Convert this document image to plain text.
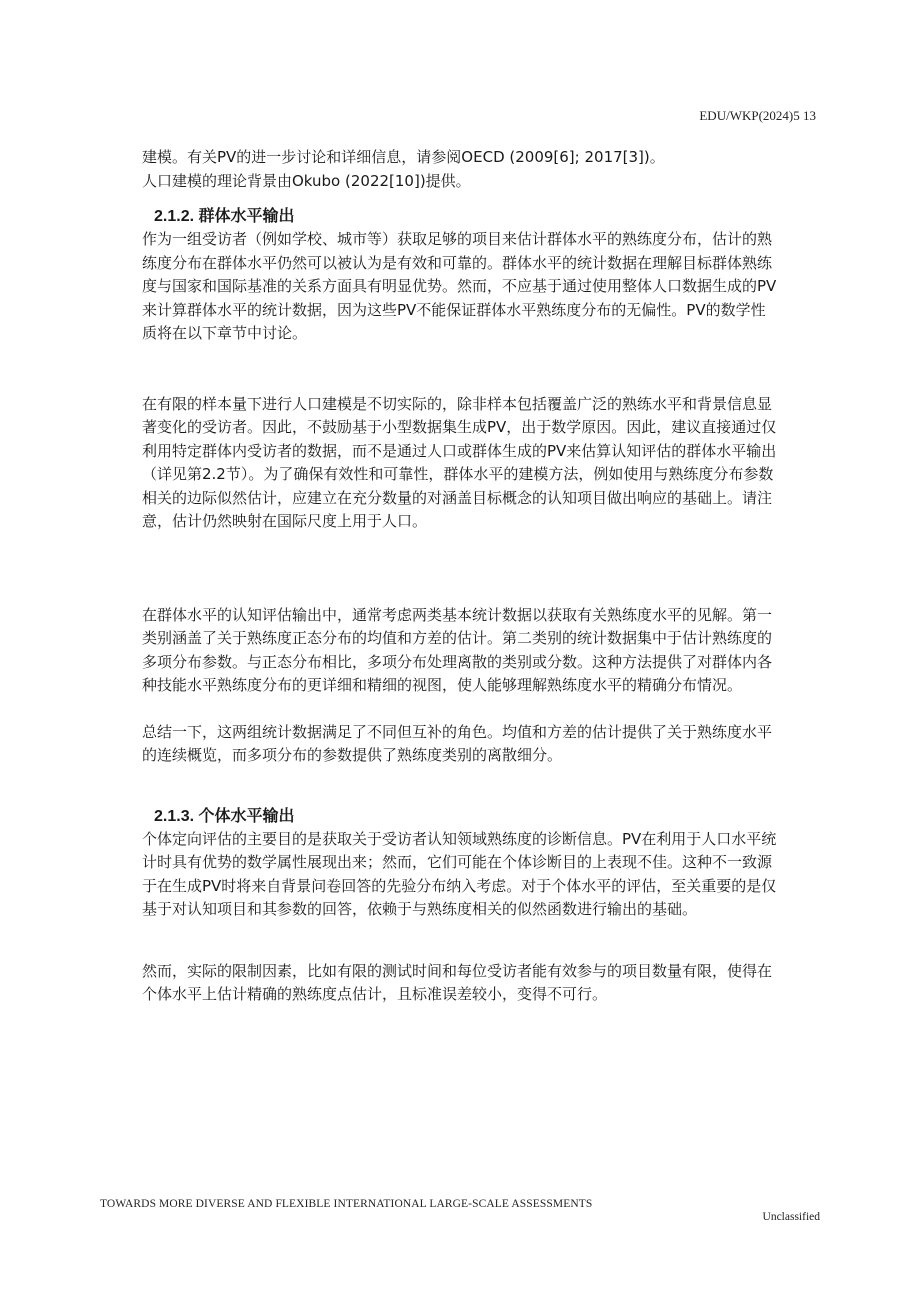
EDU/WKP(2024)5 13

建模。有关PV的进一步讨论和详细信息，请参阅OECD (2009[6]; 2017[3])。

人口建模的理论背景由Okubo (2022[10])提供。

2.1.2. 群体水平输出

作为一组受访者（例如学校、城市等）获取足够的项目来估计群体水平的熟练度分布，估计的熟练度分布在群体水平仍然可以被认为是有效和可靠的。群体水平的统计数据在理解目标群体熟练度与国家和国际基准的关系方面具有明显优势。然而，不应基于通过使用整体人口数据生成的PV来计算群体水平的统计数据，因为这些PV不能保证群体水平熟练度分布的无偏性。PV的数学性质将在以下章节中讨论。

在有限的样本量下进行人口建模是不切实际的，除非样本包括覆盖广泛的熟练水平和背景信息显著变化的受访者。因此，不鼓励基于小型数据集生成PV，出于数学原因。因此，建议直接通过仅利用特定群体内受访者的数据，而不是通过人口或群体生成的PV来估算认知评估的群体水平输出（详见第2.2节）。为了确保有效性和可靠性，群体水平的建模方法，例如使用与熟练度分布参数相关的边际似然估计，应建立在充分数量的对涵盖目标概念的认知项目做出响应的基础上。请注意，估计仍然映射在国际尺度上用于人口。

在群体水平的认知评估输出中，通常考虑两类基本统计数据以获取有关熟练度水平的见解。第一类别涵盖了关于熟练度正态分布的均值和方差的估计。第二类别的统计数据集中于估计熟练度的多项分布参数。与正态分布相比，多项分布处理离散的类别或分数。这种方法提供了对群体内各种技能水平熟练度分布的更详细和精细的视图，使人能够理解熟练度水平的精确分布情况。

总结一下，这两组统计数据满足了不同但互补的角色。均值和方差的估计提供了关于熟练度水平的连续概览，而多项分布的参数提供了熟练度类别的离散细分。

2.1.3. 个体水平输出

个体定向评估的主要目的是获取关于受访者认知领域熟练度的诊断信息。PV在利用于人口水平统计时具有优势的数学属性展现出来；然而，它们可能在个体诊断目的上表现不佳。这种不一致源于在生成PV时将来自背景问卷回答的先验分布纳入考虑。对于个体水平的评估，至关重要的是仅基于对认知项目和其参数的回答，依赖于与熟练度相关的似然函数进行输出的基础。

然而，实际的限制因素，比如有限的测试时间和每位受访者能有效参与的项目数量有限，使得在个体水平上估计精确的熟练度点估计，且标准误差较小，变得不可行。

TOWARDS MORE DIVERSE AND FLEXIBLE INTERNATIONAL LARGE-SCALE ASSESSMENTS
Unclassified
